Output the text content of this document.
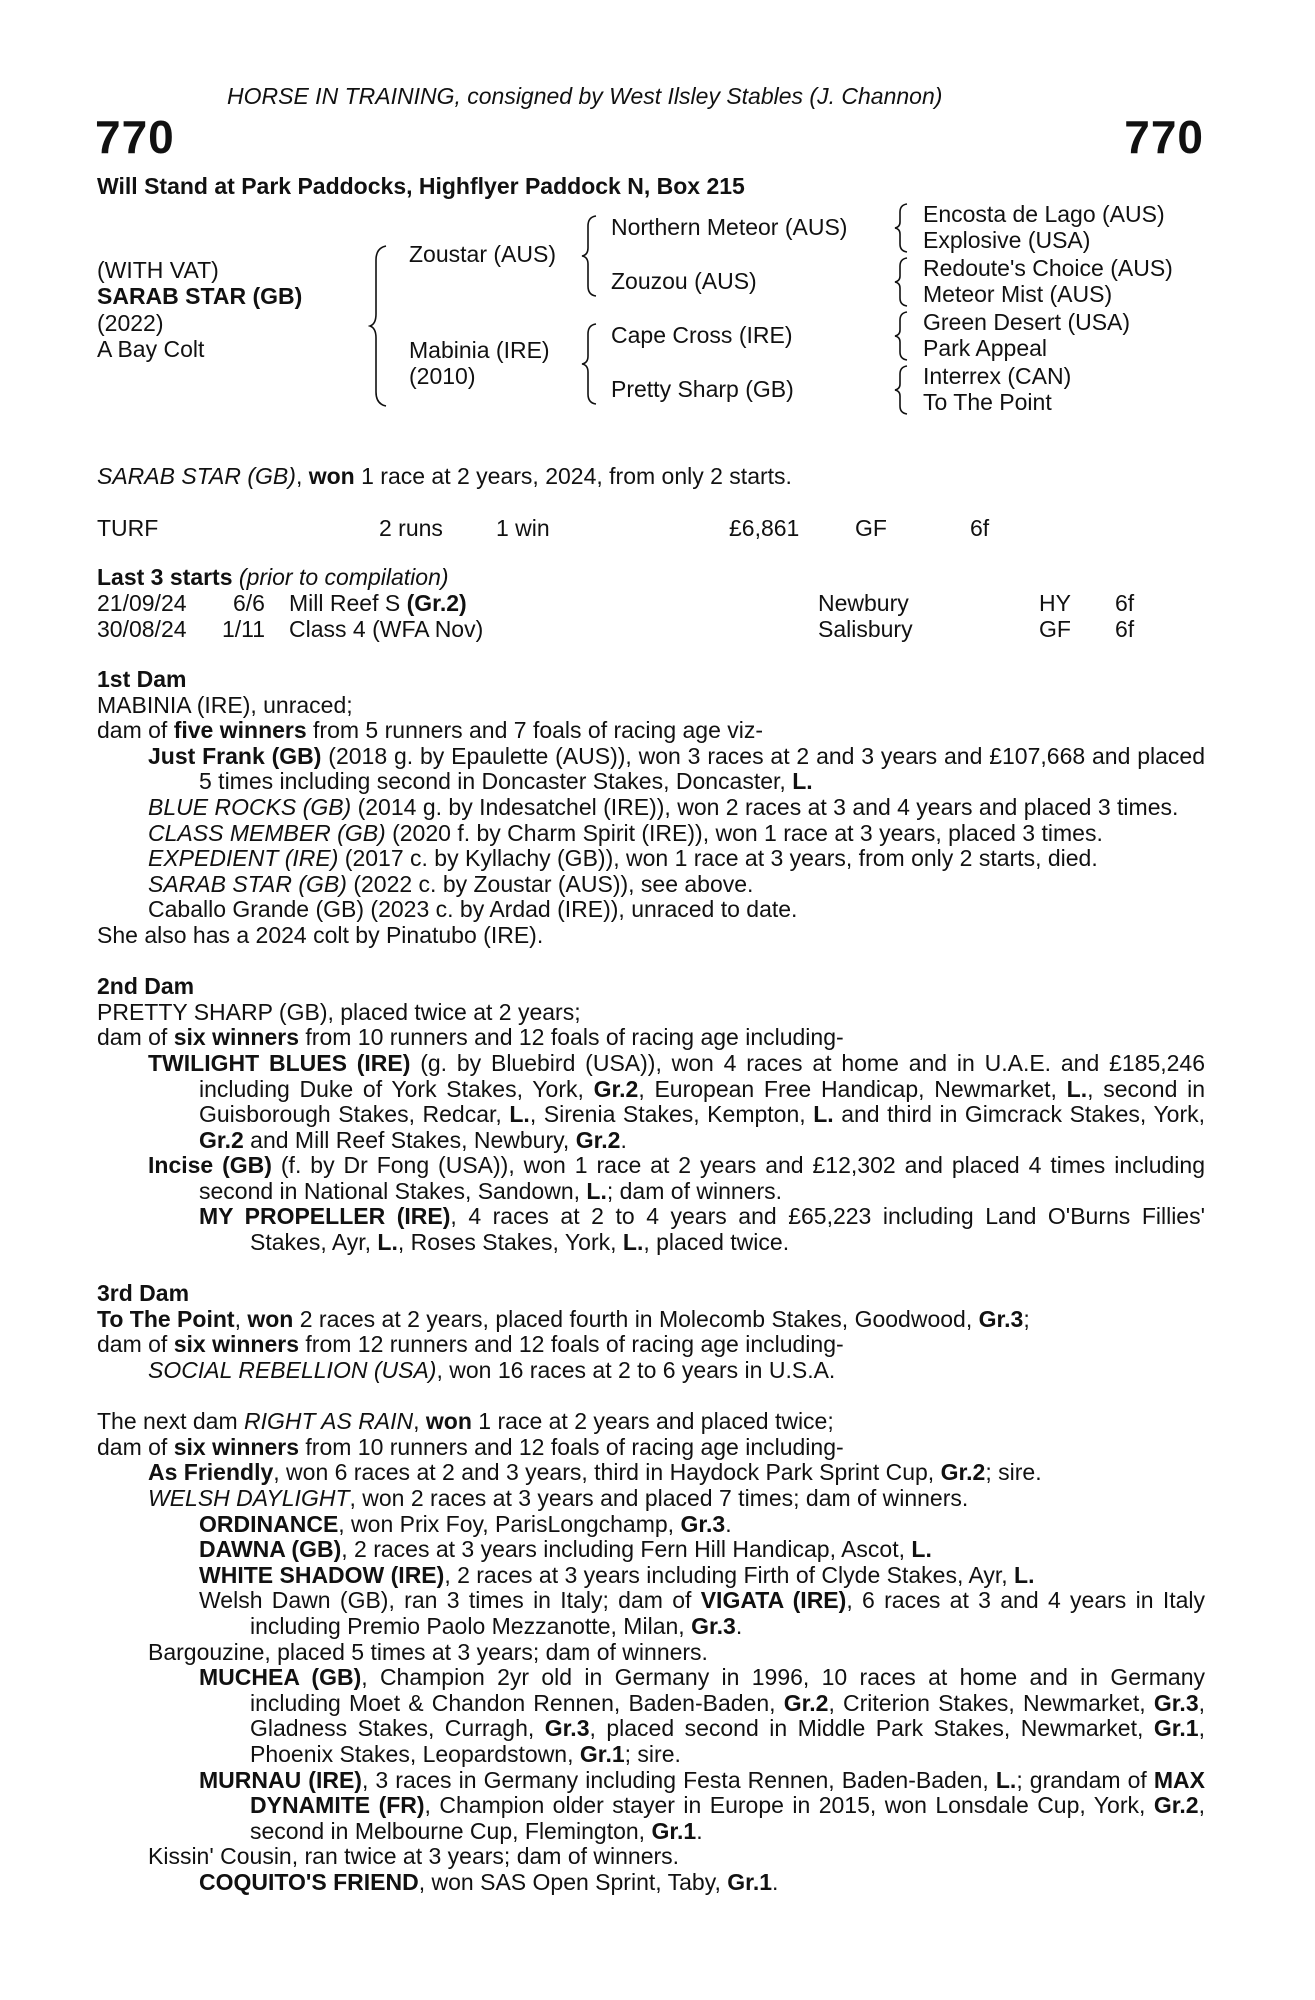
HORSE IN TRAINING, consigned by West Ilsley Stables (J. Channon)
770	770
Will Stand at Park Paddocks, Highflyer Paddock N, Box 215
(WITH VAT)
SARAB STAR (GB)
(2022)
A Bay Colt
Zoustar (AUS)
Mabinia (IRE)
(2010)
Northern Meteor (AUS)
Zouzou (AUS)
Cape Cross (IRE)
Pretty Sharp (GB)
Encosta de Lago (AUS)
Explosive (USA)
Redoute's Choice (AUS)
Meteor Mist (AUS)
Green Desert (USA)
Park Appeal
Interrex (CAN)
To The Point
SARAB STAR (GB), won 1 race at 2 years, 2024, from only 2 starts.
TURF	2 runs 1 win	£6,861 GF	6f
Last 3 starts (prior to compilation)
21/09/24 6/6 Mill Reef S (Gr.2)	Newbury	HY 6f
30/08/24 1/11 Class 4 (WFA Nov)	Salisbury	GF 6f

1st Dam

MABINIA (IRE), unraced;

dam of five winners from 5 runners and 7 foals of racing age viz-

Just Frank (GB) (2018 g. by Epaulette (AUS)), won 3 races at 2 and 3 years and £107,668 and placed 5 times including second in Doncaster Stakes, Doncaster, L.

BLUE ROCKS (GB) (2014 g. by Indesatchel (IRE)), won 2 races at 3 and 4 years and placed 3 times.

CLASS MEMBER (GB) (2020 f. by Charm Spirit (IRE)), won 1 race at 3 years, placed 3 times.

EXPEDIENT (IRE) (2017 c. by Kyllachy (GB)), won 1 race at 3 years, from only 2 starts, died.

SARAB STAR (GB) (2022 c. by Zoustar (AUS)), see above.

Caballo Grande (GB) (2023 c. by Ardad (IRE)), unraced to date.

She also has a 2024 colt by Pinatubo (IRE).

2nd Dam

PRETTY SHARP (GB), placed twice at 2 years;

dam of six winners from 10 runners and 12 foals of racing age including-

TWILIGHT BLUES (IRE) (g. by Bluebird (USA)), won 4 races at home and in U.A.E. and £185,246 including Duke of York Stakes, York, Gr.2, European Free Handicap, Newmarket, L., second in Guisborough Stakes, Redcar, L., Sirenia Stakes, Kempton, L. and third in Gimcrack Stakes, York, Gr.2 and Mill Reef Stakes, Newbury, Gr.2.

Incise (GB) (f. by Dr Fong (USA)), won 1 race at 2 years and £12,302 and placed 4 times including second in National Stakes, Sandown, L.; dam of winners.

MY PROPELLER (IRE), 4 races at 2 to 4 years and £65,223 including Land O'Burns Fillies' Stakes, Ayr, L., Roses Stakes, York, L., placed twice.

3rd Dam

To The Point, won 2 races at 2 years, placed fourth in Molecomb Stakes, Goodwood, Gr.3;

dam of six winners from 12 runners and 12 foals of racing age including-

SOCIAL REBELLION (USA), won 16 races at 2 to 6 years in U.S.A.

The next dam RIGHT AS RAIN, won 1 race at 2 years and placed twice;

dam of six winners from 10 runners and 12 foals of racing age including-

As Friendly, won 6 races at 2 and 3 years, third in Haydock Park Sprint Cup, Gr.2; sire.

WELSH DAYLIGHT, won 2 races at 3 years and placed 7 times; dam of winners.

ORDINANCE, won Prix Foy, ParisLongchamp, Gr.3.

DAWNA (GB), 2 races at 3 years including Fern Hill Handicap, Ascot, L.

WHITE SHADOW (IRE), 2 races at 3 years including Firth of Clyde Stakes, Ayr, L.

Welsh Dawn (GB), ran 3 times in Italy; dam of VIGATA (IRE), 6 races at 3 and 4 years in Italy including Premio Paolo Mezzanotte, Milan, Gr.3.

Bargouzine, placed 5 times at 3 years; dam of winners.

MUCHEA (GB), Champion 2yr old in Germany in 1996, 10 races at home and in Germany including Moet & Chandon Rennen, Baden-Baden, Gr.2, Criterion Stakes, Newmarket, Gr.3, Gladness Stakes, Curragh, Gr.3, placed second in Middle Park Stakes, Newmarket, Gr.1, Phoenix Stakes, Leopardstown, Gr.1; sire.

MURNAU (IRE), 3 races in Germany including Festa Rennen, Baden-Baden, L.; grandam of MAX DYNAMITE (FR), Champion older stayer in Europe in 2015, won Lonsdale Cup, York, Gr.2, second in Melbourne Cup, Flemington, Gr.1.

Kissin' Cousin, ran twice at 3 years; dam of winners.

COQUITO'S FRIEND, won SAS Open Sprint, Taby, Gr.1.
